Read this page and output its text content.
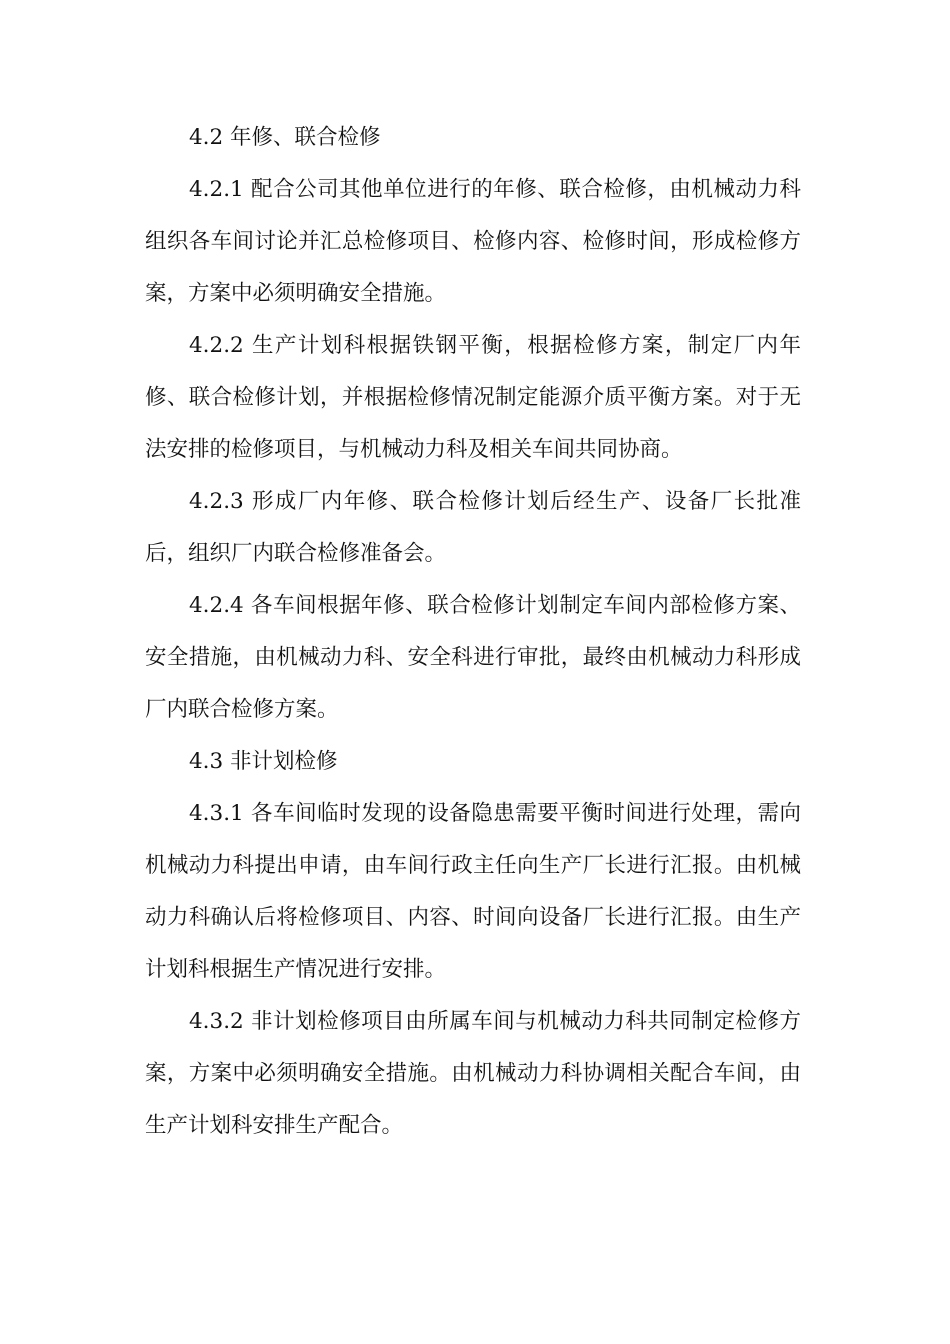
4.2 年修、联合检修

4.2.1 配合公司其他单位进行的年修、联合检修，由机械动力科组织各车间讨论并汇总检修项目、检修内容、检修时间，形成检修方案，方案中必须明确安全措施。

4.2.2 生产计划科根据铁钢平衡，根据检修方案，制定厂内年修、联合检修计划，并根据检修情况制定能源介质平衡方案。对于无法安排的检修项目，与机械动力科及相关车间共同协商。

4.2.3 形成厂内年修、联合检修计划后经生产、设备厂长批准后，组织厂内联合检修准备会。

4.2.4 各车间根据年修、联合检修计划制定车间内部检修方案、安全措施，由机械动力科、安全科进行审批，最终由机械动力科形成厂内联合检修方案。

4.3 非计划检修

4.3.1 各车间临时发现的设备隐患需要平衡时间进行处理，需向机械动力科提出申请，由车间行政主任向生产厂长进行汇报。由机械动力科确认后将检修项目、内容、时间向设备厂长进行汇报。由生产计划科根据生产情况进行安排。

4.3.2 非计划检修项目由所属车间与机械动力科共同制定检修方案，方案中必须明确安全措施。由机械动力科协调相关配合车间，由生产计划科安排生产配合。
